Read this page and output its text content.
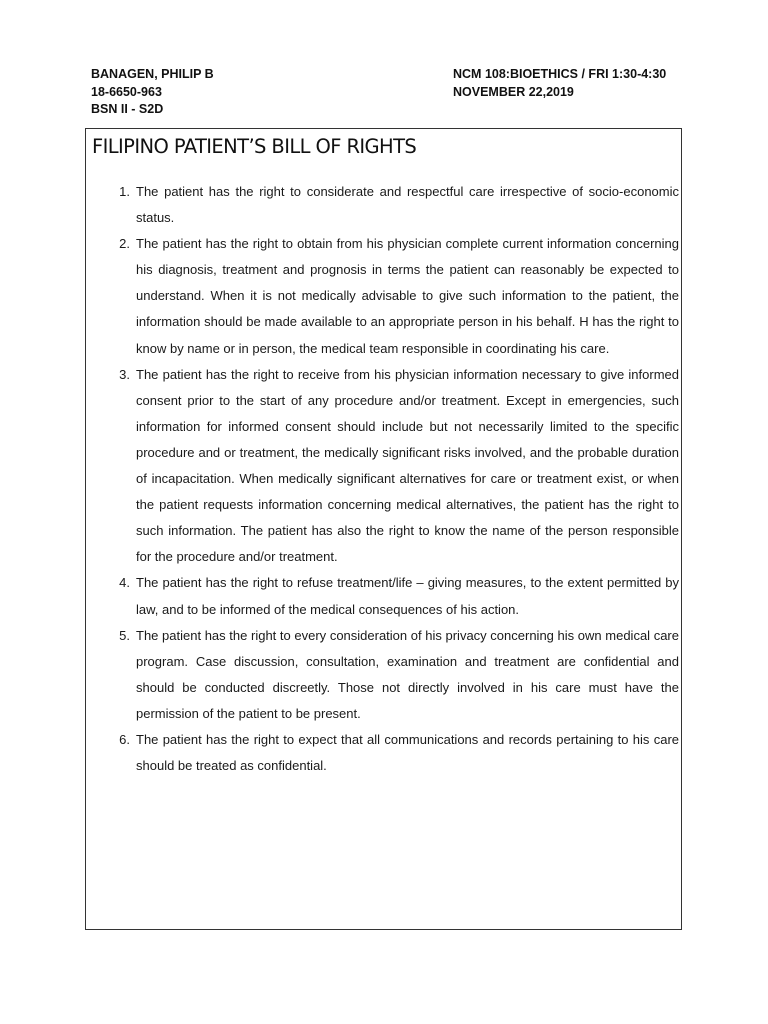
BANAGEN, PHILIP B
18-6650-963
BSN II - S2D
NCM 108:BIOETHICS / FRI 1:30-4:30
NOVEMBER 22,2019
FILIPINO PATIENT’S BILL OF RIGHTS
1. The patient has the right to considerate and respectful care irrespective of socio-economic status.
2. The patient has the right to obtain from his physician complete current information concerning his diagnosis, treatment and prognosis in terms the patient can reasonably be expected to understand. When it is not medically advisable to give such information to the patient, the information should be made available to an appropriate person in his behalf. H has the right to know by name or in person, the medical team responsible in coordinating his care.
3. The patient has the right to receive from his physician information necessary to give informed consent prior to the start of any procedure and/or treatment. Except in emergencies, such information for informed consent should include but not necessarily limited to the specific procedure and or treatment, the medically significant risks involved, and the probable duration of incapacitation. When medically significant alternatives for care or treatment exist, or when the patient requests information concerning medical alternatives, the patient has the right to such information. The patient has also the right to know the name of the person responsible for the procedure and/or treatment.
4. The patient has the right to refuse treatment/life – giving measures, to the extent permitted by law, and to be informed of the medical consequences of his action.
5. The patient has the right to every consideration of his privacy concerning his own medical care program. Case discussion, consultation, examination and treatment are confidential and should be conducted discreetly. Those not directly involved in his care must have the permission of the patient to be present.
6. The patient has the right to expect that all communications and records pertaining to his care should be treated as confidential.
